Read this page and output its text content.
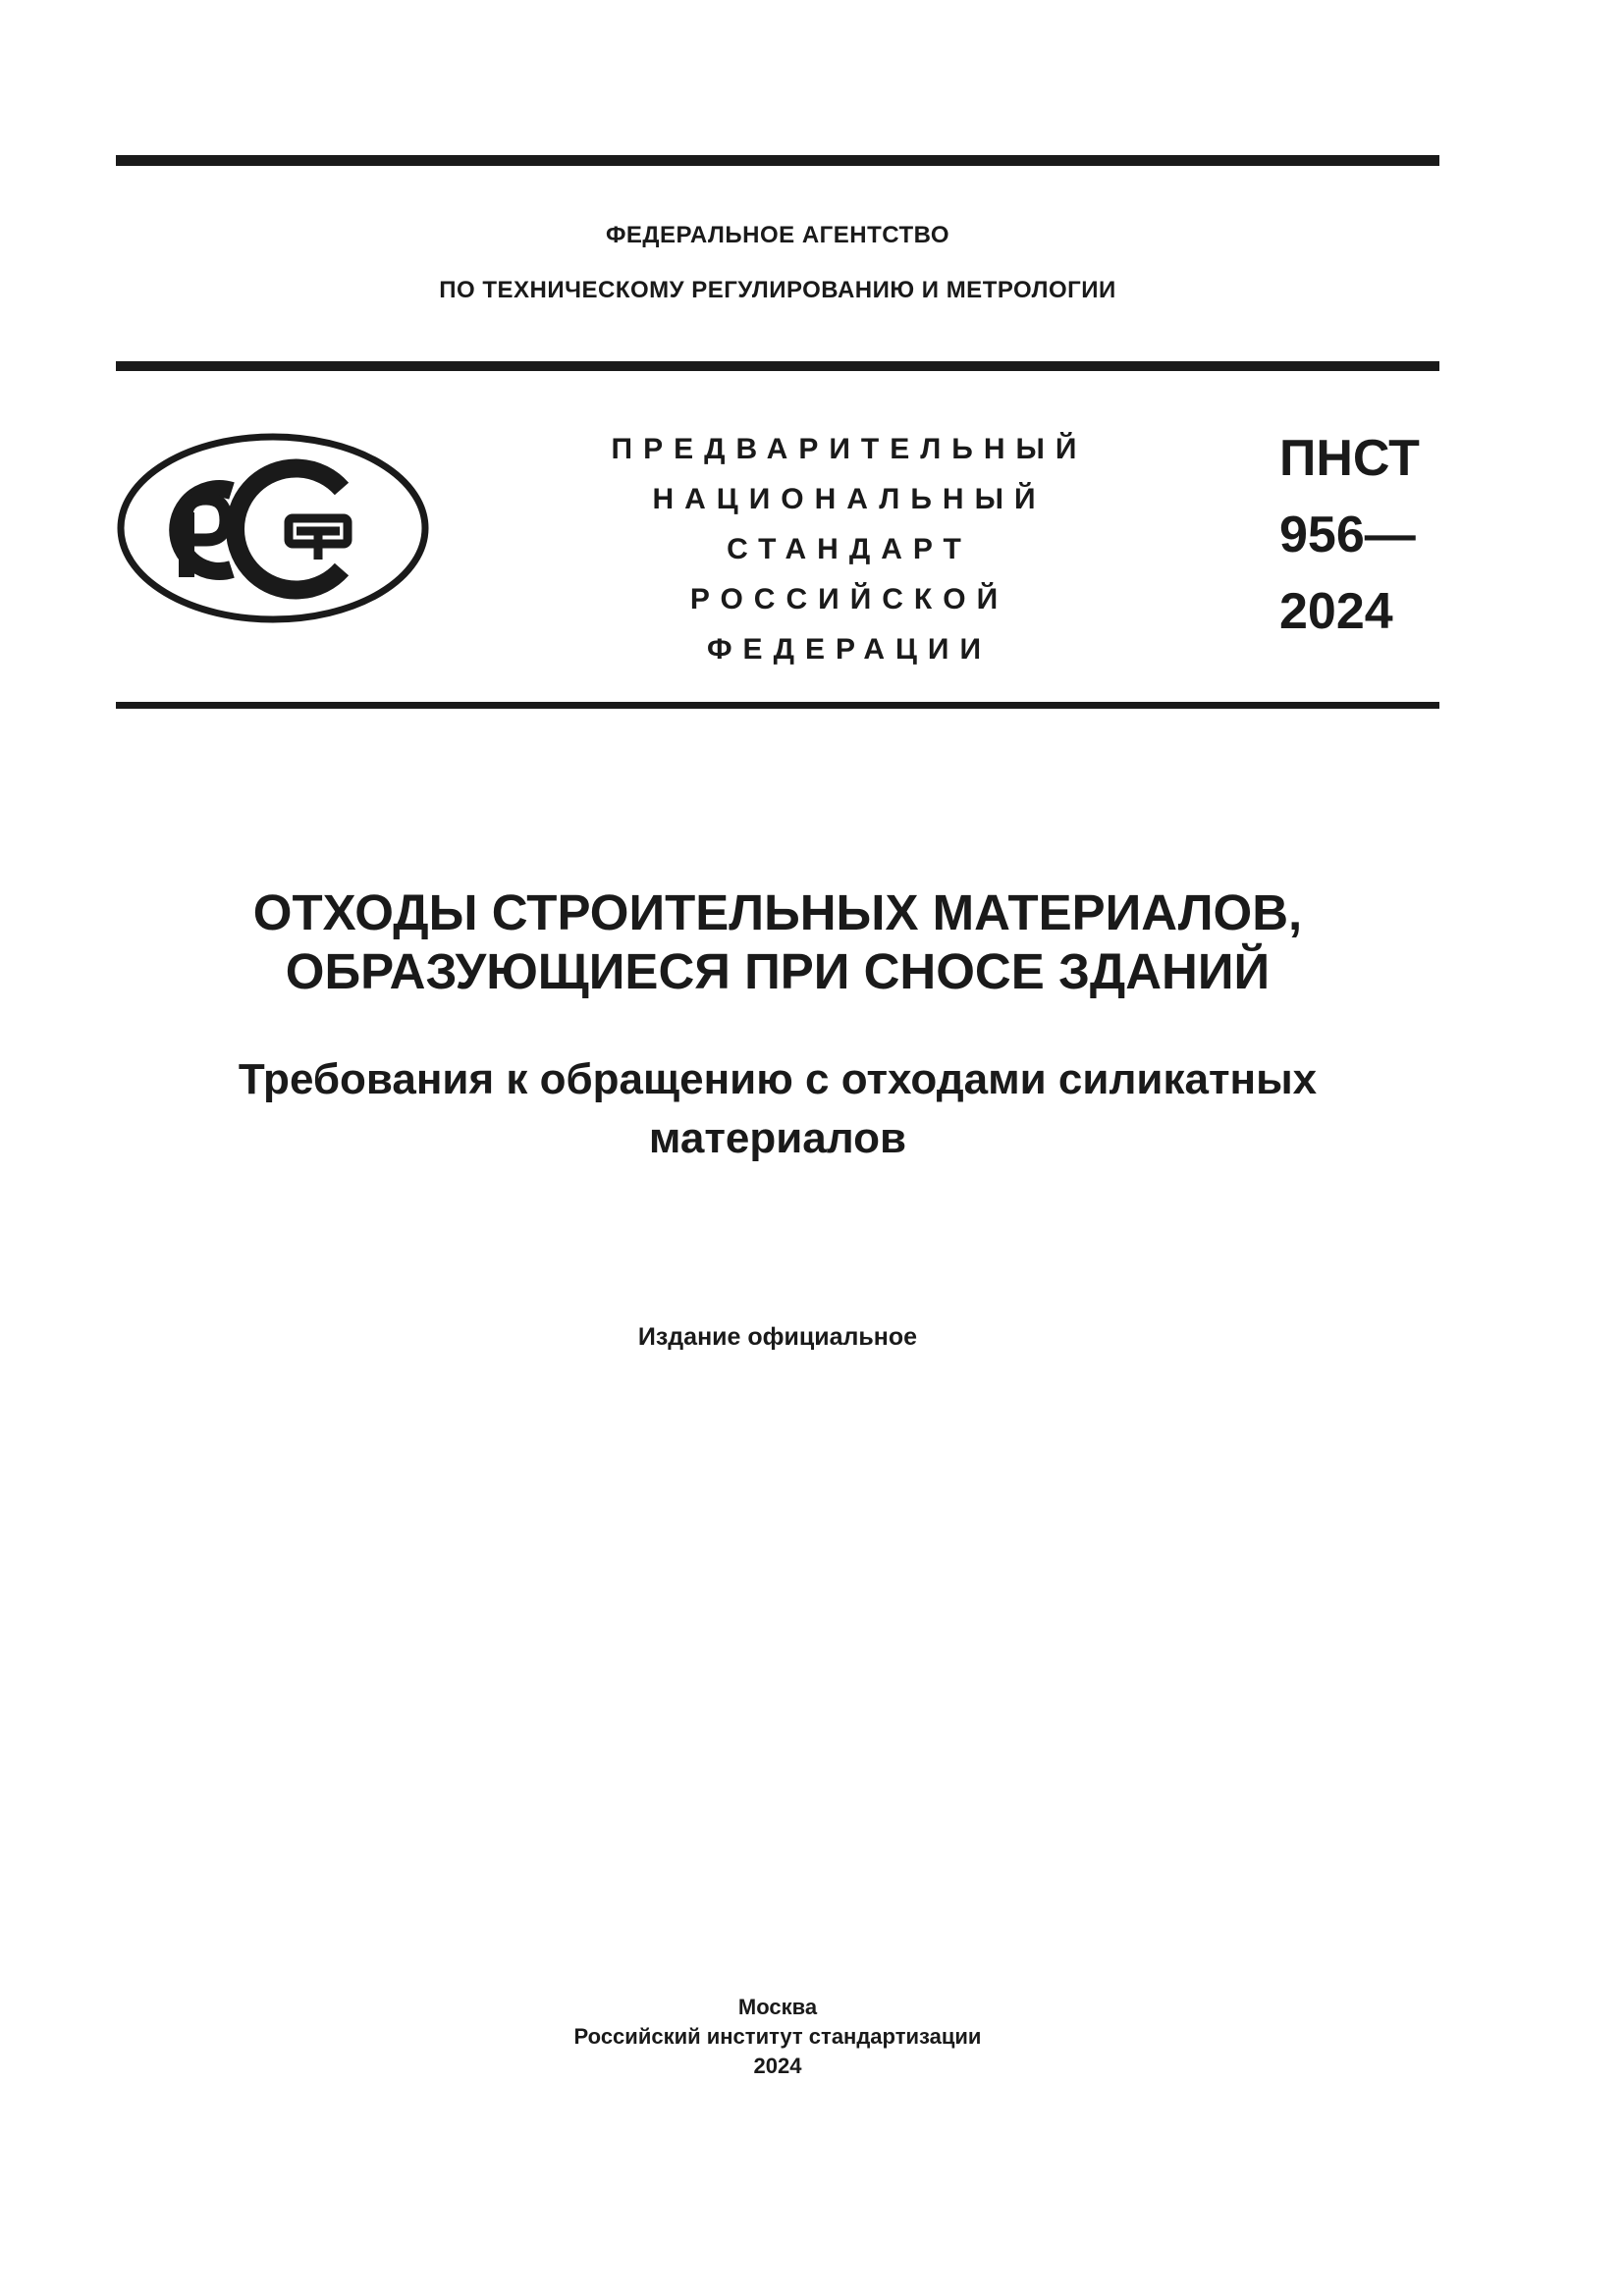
ФЕДЕРАЛЬНОЕ АГЕНТСТВО
ПО ТЕХНИЧЕСКОМУ РЕГУЛИРОВАНИЮ И МЕТРОЛОГИИ
ПРЕДВАРИТЕЛЬНЫЙ
НАЦИОНАЛЬНЫЙ
СТАНДАРТ
РОССИЙСКОЙ
ФЕДЕРАЦИИ
ПНСТ
956—
2024
ОТХОДЫ СТРОИТЕЛЬНЫХ МАТЕРИАЛОВ,
ОБРАЗУЮЩИЕСЯ ПРИ СНОСЕ ЗДАНИЙ
Требования к обращению с отходами силикатных
материалов
Издание официальное
Москва
Российский институт стандартизации
2024
